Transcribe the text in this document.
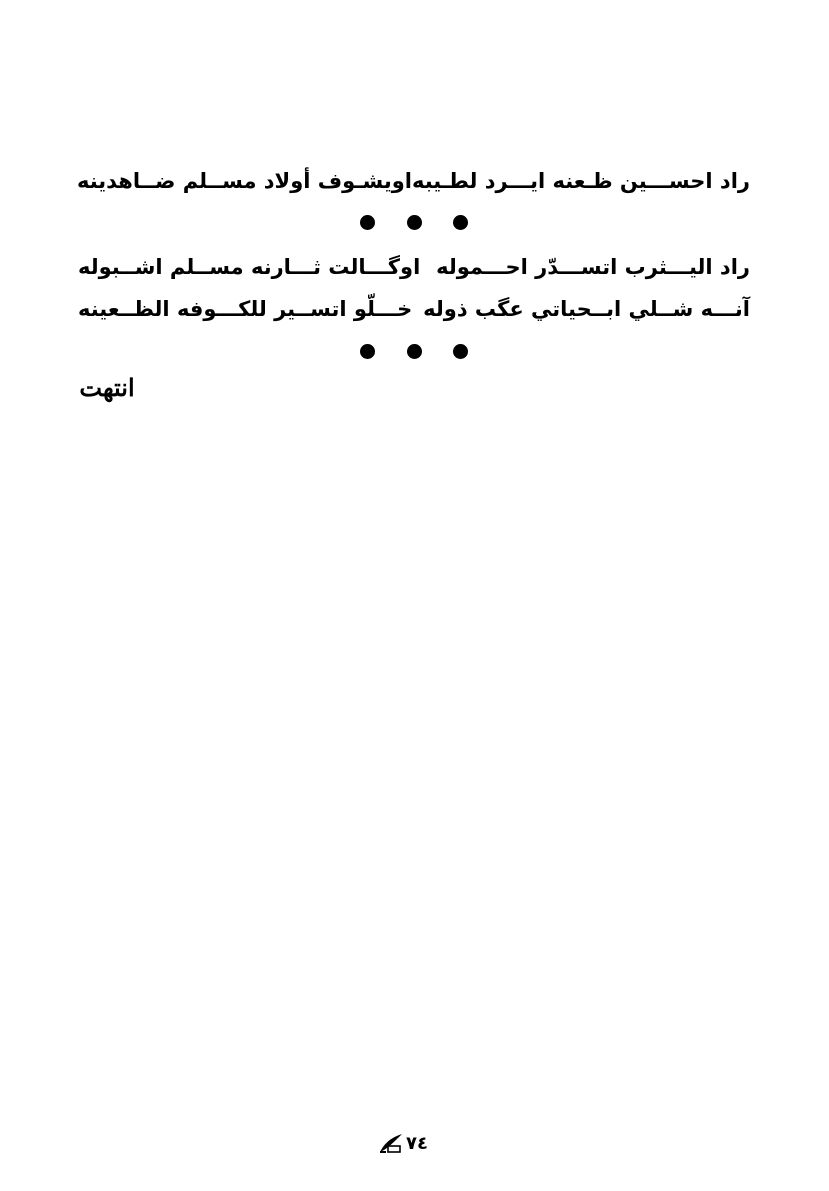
راد احســـين ظـعنه ايـــرد لطـيبه
اويشـوف أولاد مســلم ضــاهدينه
راد اليـــثرب اتســـدّر احـــموله
اوگـــالت ثـــارنه مســلم اشــبوله
آنـــه شــلي ابــحياتي عگب ذوله
خـــلّو اتســير للكـــوفه الظــعينه
انتهت
٧٤
